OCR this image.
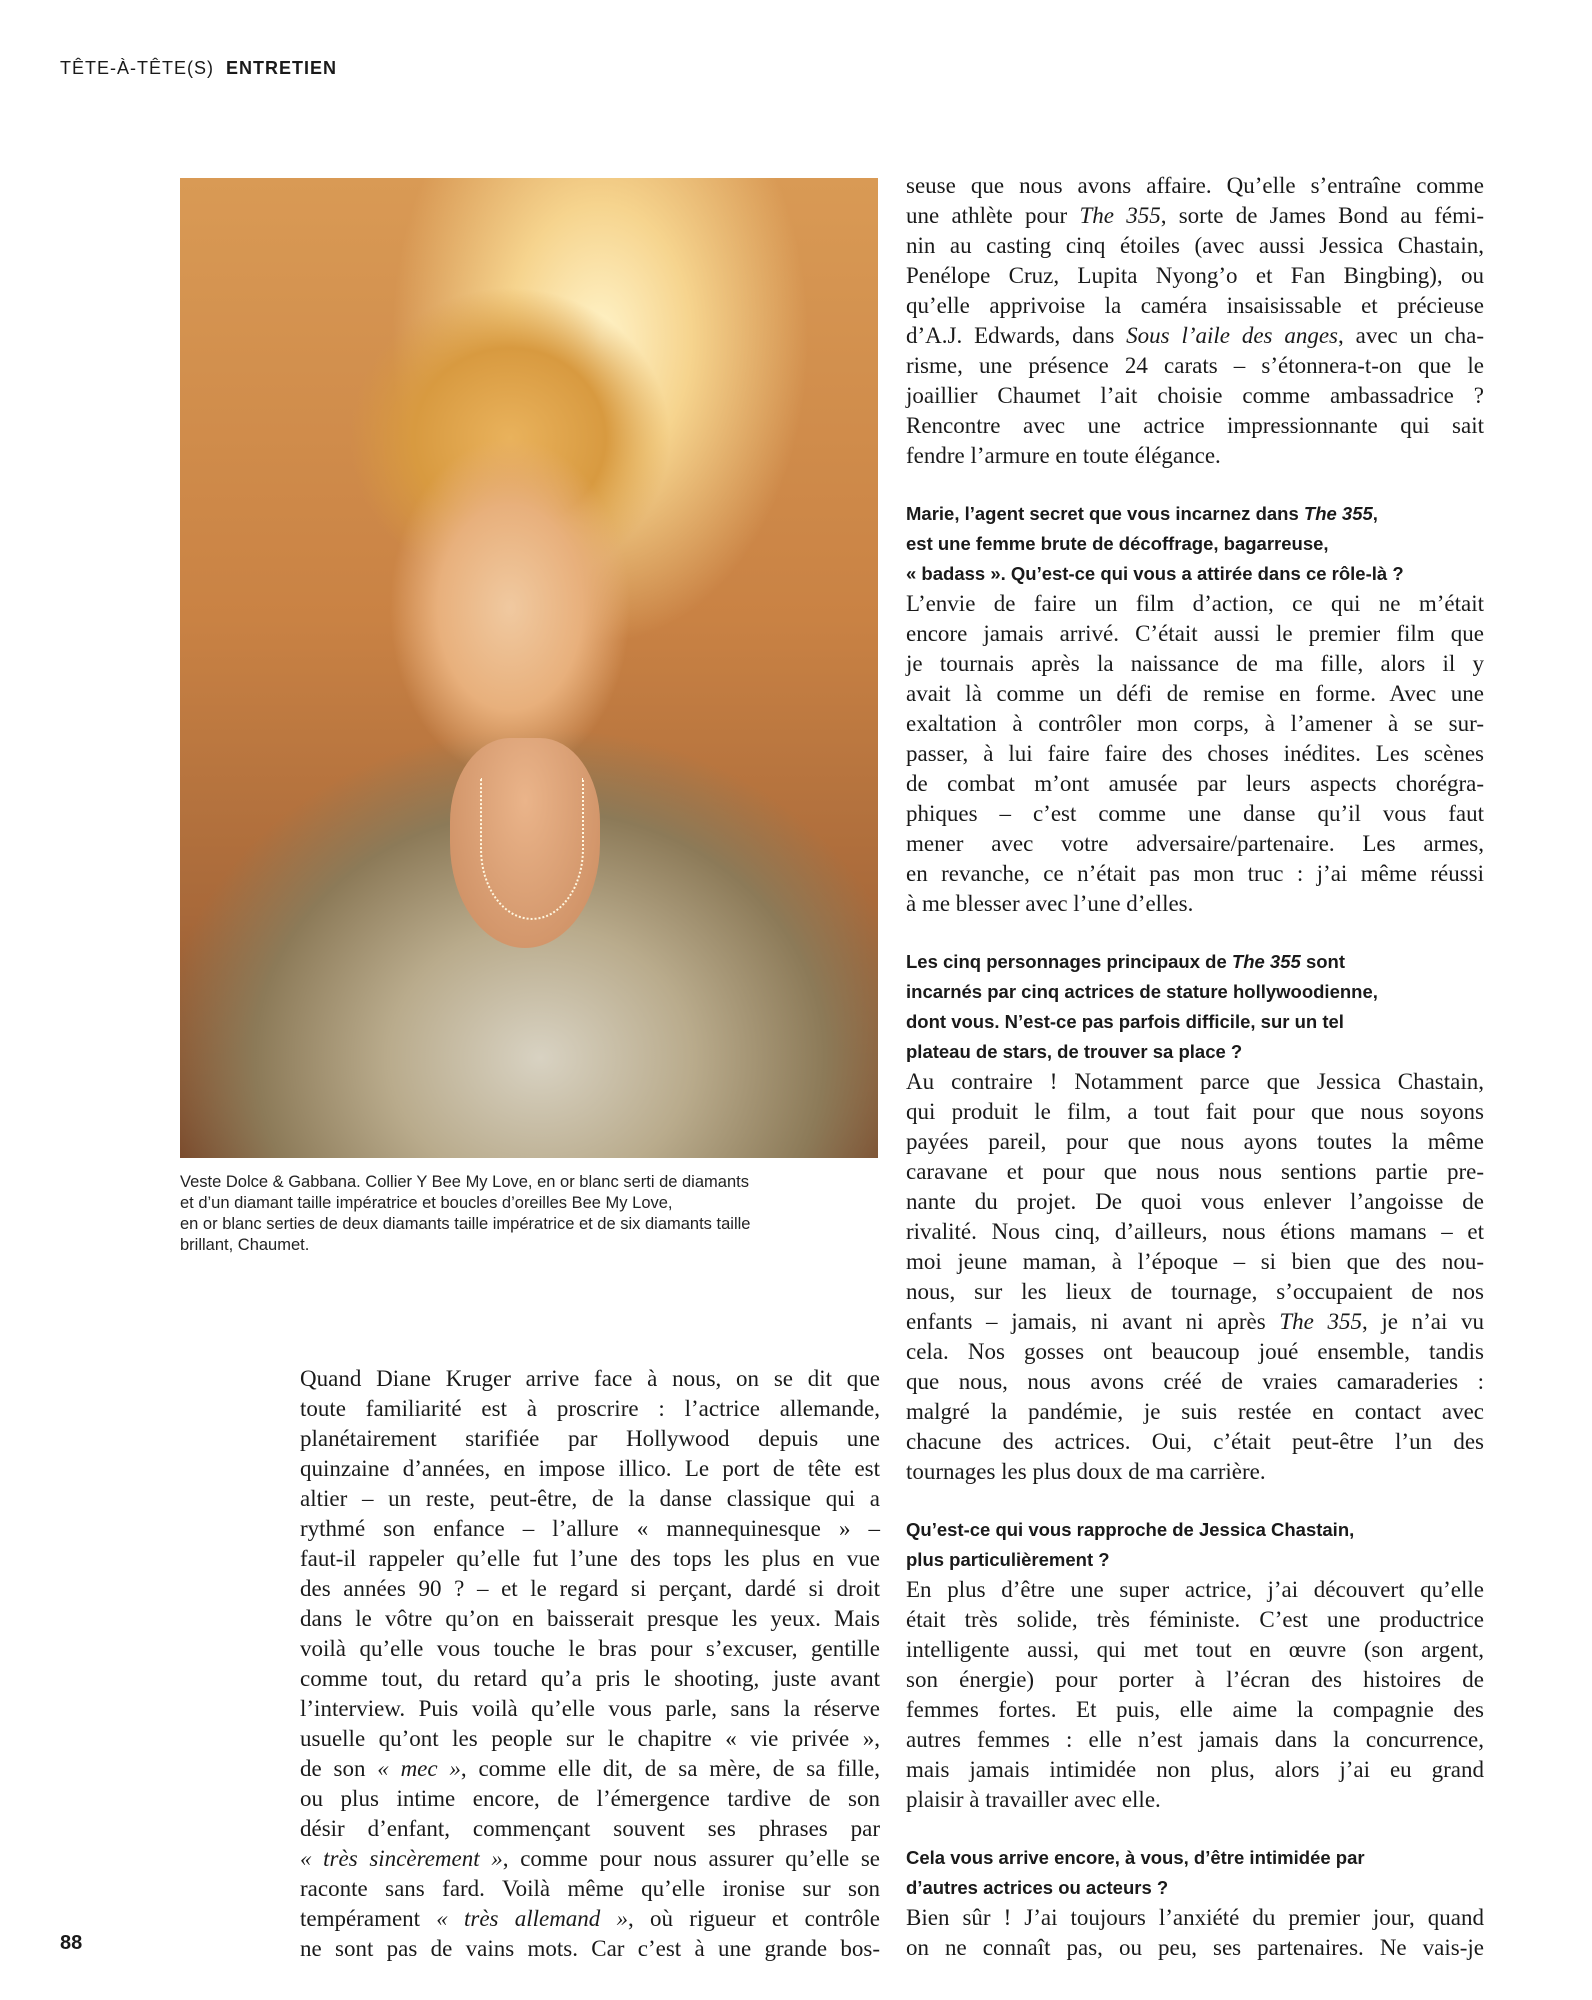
TÊTE-À-TÊTE(S) ENTRETIEN
Veste Dolce & Gabbana. Collier Y Bee My Love, en or blanc serti de diamants
et d’un diamant taille impératrice et boucles d’oreilles Bee My Love,
en or blanc serties de deux diamants taille impératrice et de six diamants taille
brillant, Chaumet.
seuse que nous avons affaire. Qu’elle s’entraîne comme
une athlète pour The 355, sorte de James Bond au fémi-
nin au casting cinq étoiles (avec aussi Jessica Chastain,
Penélope Cruz, Lupita Nyong’o et Fan Bingbing), ou
qu’elle apprivoise la caméra insaisissable et précieuse
d’A.J. Edwards, dans Sous l’aile des anges, avec un cha-
risme, une présence 24 carats – s’étonnera-t-on que le
joaillier Chaumet l’ait choisie comme ambassadrice ?
Rencontre avec une actrice impressionnante qui sait
fendre l’armure en toute élégance.
Marie, l’agent secret que vous incarnez dans The 355,
est une femme brute de décoffrage, bagarreuse,
« badass ». Qu’est-ce qui vous a attirée dans ce rôle-là ?
L’envie de faire un film d’action, ce qui ne m’était
encore jamais arrivé. C’était aussi le premier film que
je tournais après la naissance de ma fille, alors il y
avait là comme un défi de remise en forme. Avec une
exaltation à contrôler mon corps, à l’amener à se sur-
passer, à lui faire faire des choses inédites. Les scènes
de combat m’ont amusée par leurs aspects chorégra-
phiques – c’est comme une danse qu’il vous faut
mener avec votre adversaire/partenaire. Les armes,
en revanche, ce n’était pas mon truc : j’ai même réussi
à me blesser avec l’une d’elles.
Les cinq personnages principaux de The 355 sont
incarnés par cinq actrices de stature hollywoodienne,
dont vous. N’est-ce pas parfois difficile, sur un tel
plateau de stars, de trouver sa place ?
Au contraire ! Notamment parce que Jessica Chastain,
qui produit le film, a tout fait pour que nous soyons
payées pareil, pour que nous ayons toutes la même
caravane et pour que nous nous sentions partie pre-
nante du projet. De quoi vous enlever l’angoisse de
rivalité. Nous cinq, d’ailleurs, nous étions mamans – et
moi jeune maman, à l’époque – si bien que des nou-
nous, sur les lieux de tournage, s’occupaient de nos
enfants – jamais, ni avant ni après The 355, je n’ai vu
cela. Nos gosses ont beaucoup joué ensemble, tandis
que nous, nous avons créé de vraies camaraderies :
malgré la pandémie, je suis restée en contact avec
chacune des actrices. Oui, c’était peut-être l’un des
tournages les plus doux de ma carrière.
Qu’est-ce qui vous rapproche de Jessica Chastain,
plus particulièrement ?
En plus d’être une super actrice, j’ai découvert qu’elle
était très solide, très féministe. C’est une productrice
intelligente aussi, qui met tout en œuvre (son argent,
son énergie) pour porter à l’écran des histoires de
femmes fortes. Et puis, elle aime la compagnie des
autres femmes : elle n’est jamais dans la concurrence,
mais jamais intimidée non plus, alors j’ai eu grand
plaisir à travailler avec elle.
Cela vous arrive encore, à vous, d’être intimidée par
d’autres actrices ou acteurs ?
Bien sûr ! J’ai toujours l’anxiété du premier jour, quand
on ne connaît pas, ou peu, ses partenaires. Ne vais-je
Quand Diane Kruger arrive face à nous, on se dit que
toute familiarité est à proscrire : l’actrice allemande,
planétairement starifiée par Hollywood depuis une
quinzaine d’années, en impose illico. Le port de tête est
altier – un reste, peut-être, de la danse classique qui a
rythmé son enfance – l’allure « mannequinesque » –
faut-il rappeler qu’elle fut l’une des tops les plus en vue
des années 90 ? – et le regard si perçant, dardé si droit
dans le vôtre qu’on en baisserait presque les yeux. Mais
voilà qu’elle vous touche le bras pour s’excuser, gentille
comme tout, du retard qu’a pris le shooting, juste avant
l’interview. Puis voilà qu’elle vous parle, sans la réserve
usuelle qu’ont les people sur le chapitre « vie privée »,
de son « mec », comme elle dit, de sa mère, de sa fille,
ou plus intime encore, de l’émergence tardive de son
désir d’enfant, commençant souvent ses phrases par
« très sincèrement », comme pour nous assurer qu’elle se
raconte sans fard. Voilà même qu’elle ironise sur son
tempérament « très allemand », où rigueur et contrôle
ne sont pas de vains mots. Car c’est à une grande bos-
88
